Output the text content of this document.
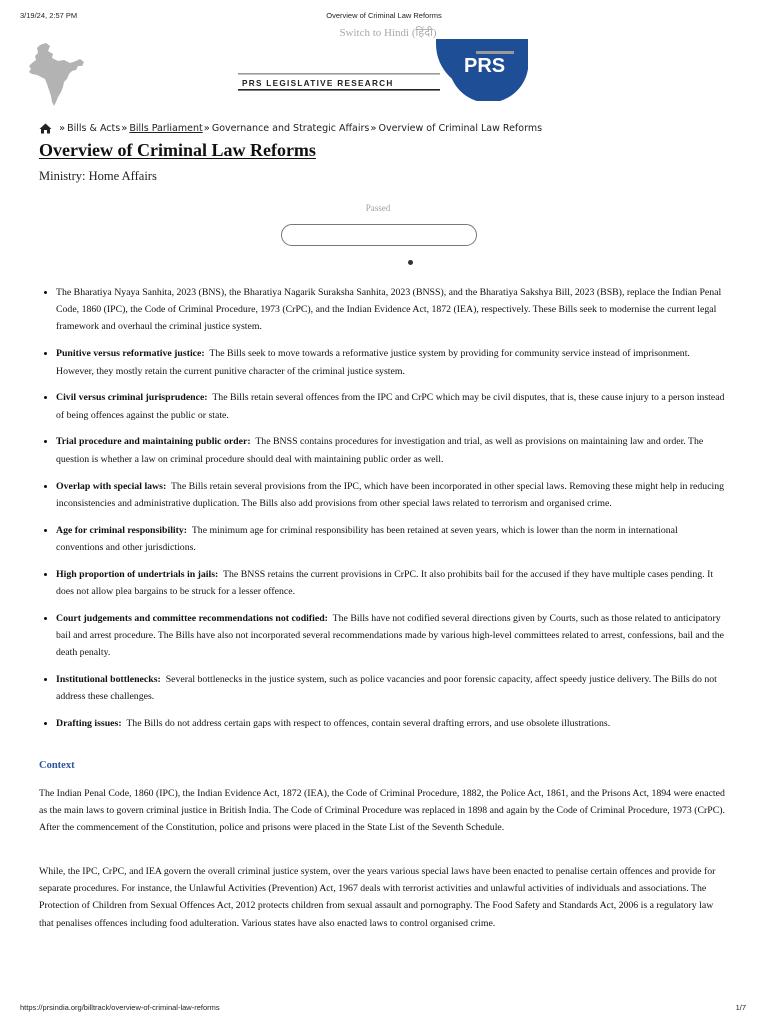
3/19/24, 2:57 PM	Overview of Criminal Law Reforms
Switch to Hindi (हिंदी)
PRS
PRS LEGISLATIVE RESEARCH
» Bills & Acts » Bills Parliament » Governance and Strategic Affairs » Overview of Criminal Law Reforms
Overview of Criminal Law Reforms
Ministry: Home Affairs
Passed
• The Bharatiya Nyaya Sanhita, 2023 (BNS), the Bharatiya Nagarik Suraksha Sanhita, 2023 (BNSS), and the Bharatiya Sakshya Bill, 2023 (BSB), replace the Indian Penal Code, 1860 (IPC), the Code of Criminal Procedure, 1973 (CrPC), and the Indian Evidence Act, 1872 (IEA), respectively. These Bills seek to modernise the current legal framework and overhaul the criminal justice system.
• Punitive versus reformative justice: The Bills seek to move towards a reformative justice system by providing for community service instead of imprisonment. However, they mostly retain the current punitive character of the criminal justice system.
• Civil versus criminal jurisprudence: The Bills retain several offences from the IPC and CrPC which may be civil disputes, that is, these cause injury to a person instead of being offences against the public or state.
• Trial procedure and maintaining public order: The BNSS contains procedures for investigation and trial, as well as provisions on maintaining law and order. The question is whether a law on criminal procedure should deal with maintaining public order as well.
• Overlap with special laws:  The Bills retain several provisions from the IPC, which have been incorporated in other special laws. Removing these might help in reducing inconsistencies and administrative duplication. The Bills also add provisions from other special laws related to terrorism and organised crime.
• Age for criminal responsibility: The minimum age for criminal responsibility has been retained at seven years, which is lower than the norm in international conventions and other jurisdictions.
• High proportion of undertrials in jails: The BNSS retains the current provisions in CrPC. It also prohibits bail for the accused if they have multiple cases pending. It does not allow plea bargains to be struck for a lesser offence.
• Court judgements and committee recommendations not codified: The Bills have not codified several directions given by Courts, such as those related to anticipatory bail and arrest procedure. The Bills have also not incorporated several recommendations made by various high-level committees related to arrest, confessions, bail and the death penalty.
• Institutional bottlenecks: Several bottlenecks in the justice system, such as police vacancies and poor forensic capacity, affect speedy justice delivery. The Bills do not address these challenges.
• Drafting issues:  The Bills do not address certain gaps with respect to offences, contain several drafting errors, and use obsolete illustrations.
Context

The Indian Penal Code, 1860 (IPC), the Indian Evidence Act, 1872 (IEA), the Code of Criminal Procedure, 1882, the Police Act, 1861, and the Prisons Act, 1894 were enacted as the main laws to govern criminal justice in British India. The Code of Criminal Procedure was replaced in 1898 and again by the Code of Criminal Procedure, 1973 (CrPC). After the commencement of the Constitution, police and prisons were placed in the State List of the Seventh Schedule.

While, the IPC, CrPC, and IEA govern the overall criminal justice system, over the years various special laws have been enacted to penalise certain offences and provide for separate procedures. For instance, the Unlawful Activities (Prevention) Act, 1967 deals with terrorist activities and unlawful activities of individuals and associations. The Protection of Children from Sexual Offences Act, 2012 protects children from sexual assault and pornography. The Food Safety and Standards Act, 2006 is a regulatory law that penalises offences including food adulteration. Various states have also enacted laws to control organised crime.

https://prsindia.org/billtrack/overview-of-criminal-law-reforms	1/7
